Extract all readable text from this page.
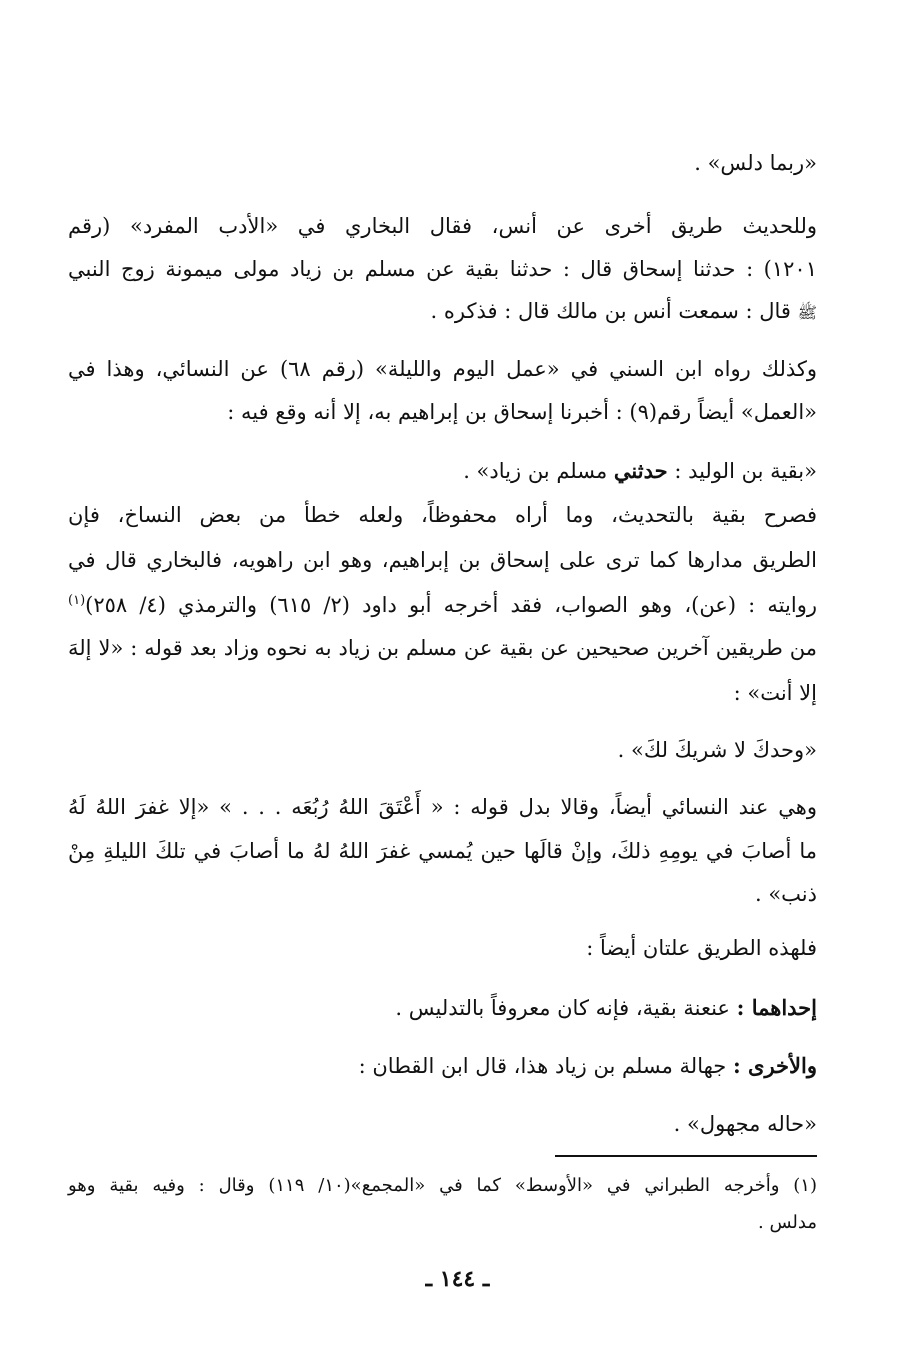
«ربما دلس» .
وللحديث طريق أخرى عن أنس، فقال البخاري في «الأدب المفرد» (رقم
١٢٠١) : حدثنا إسحاق قال : حدثنا بقية عن مسلم بن زياد مولى ميمونة زوج النبي
ﷺ قال : سمعت أنس بن مالك قال : فذكره .
وكذلك رواه ابن السني في «عمل اليوم والليلة» (رقم ٦٨) عن النسائي، وهذا في
«العمل» أيضاً رقم(٩) : أخبرنا إسحاق بن إبراهيم به، إلا أنه وقع فيه :
«بقية بن الوليد : حدثني مسلم بن زياد» .
فصرح بقية بالتحديث، وما أراه محفوظاً، ولعله خطأ من بعض النساخ، فإن
الطريق مدارها كما ترى على إسحاق بن إبراهيم، وهو ابن راهويه، فالبخاري قال في
روايته : (عن)، وهو الصواب، فقد أخرجه أبو داود (٢/ ٦١٥) والترمذي (٤/ ٢٥٨)$^{(١)}$
من طريقين آخرين صحيحين عن بقية عن مسلم بن زياد به نحوه وزاد بعد قوله : «لا إلهَ
إلا أنت» :
«وحدكَ لا شريكَ لكَ» .
وهي عند النسائي أيضاً، وقالا بدل قوله : « أَعْتَقَ اللهُ رُبُعَه . . . » «إلا غفرَ اللهُ لَهُ
ما أصابَ في يومِهِ ذلكَ، وإنْ قالَها حين يُمسي غفرَ اللهُ لهُ ما أصابَ في تلكَ الليلةِ مِنْ
ذنب» .
فلهذه الطريق علتان أيضاً :
إحداهما : عنعنة بقية، فإنه كان معروفاً بالتدليس .
والأخرى : جهالة مسلم بن زياد هذا، قال ابن القطان :
«حاله مجهول» .
(١) وأخرجه الطبراني في «الأوسط» كما في «المجمع»(١٠/ ١١٩) وقال : وفيه بقية وهو
مدلس .
ـ ١٤٤ ـ
